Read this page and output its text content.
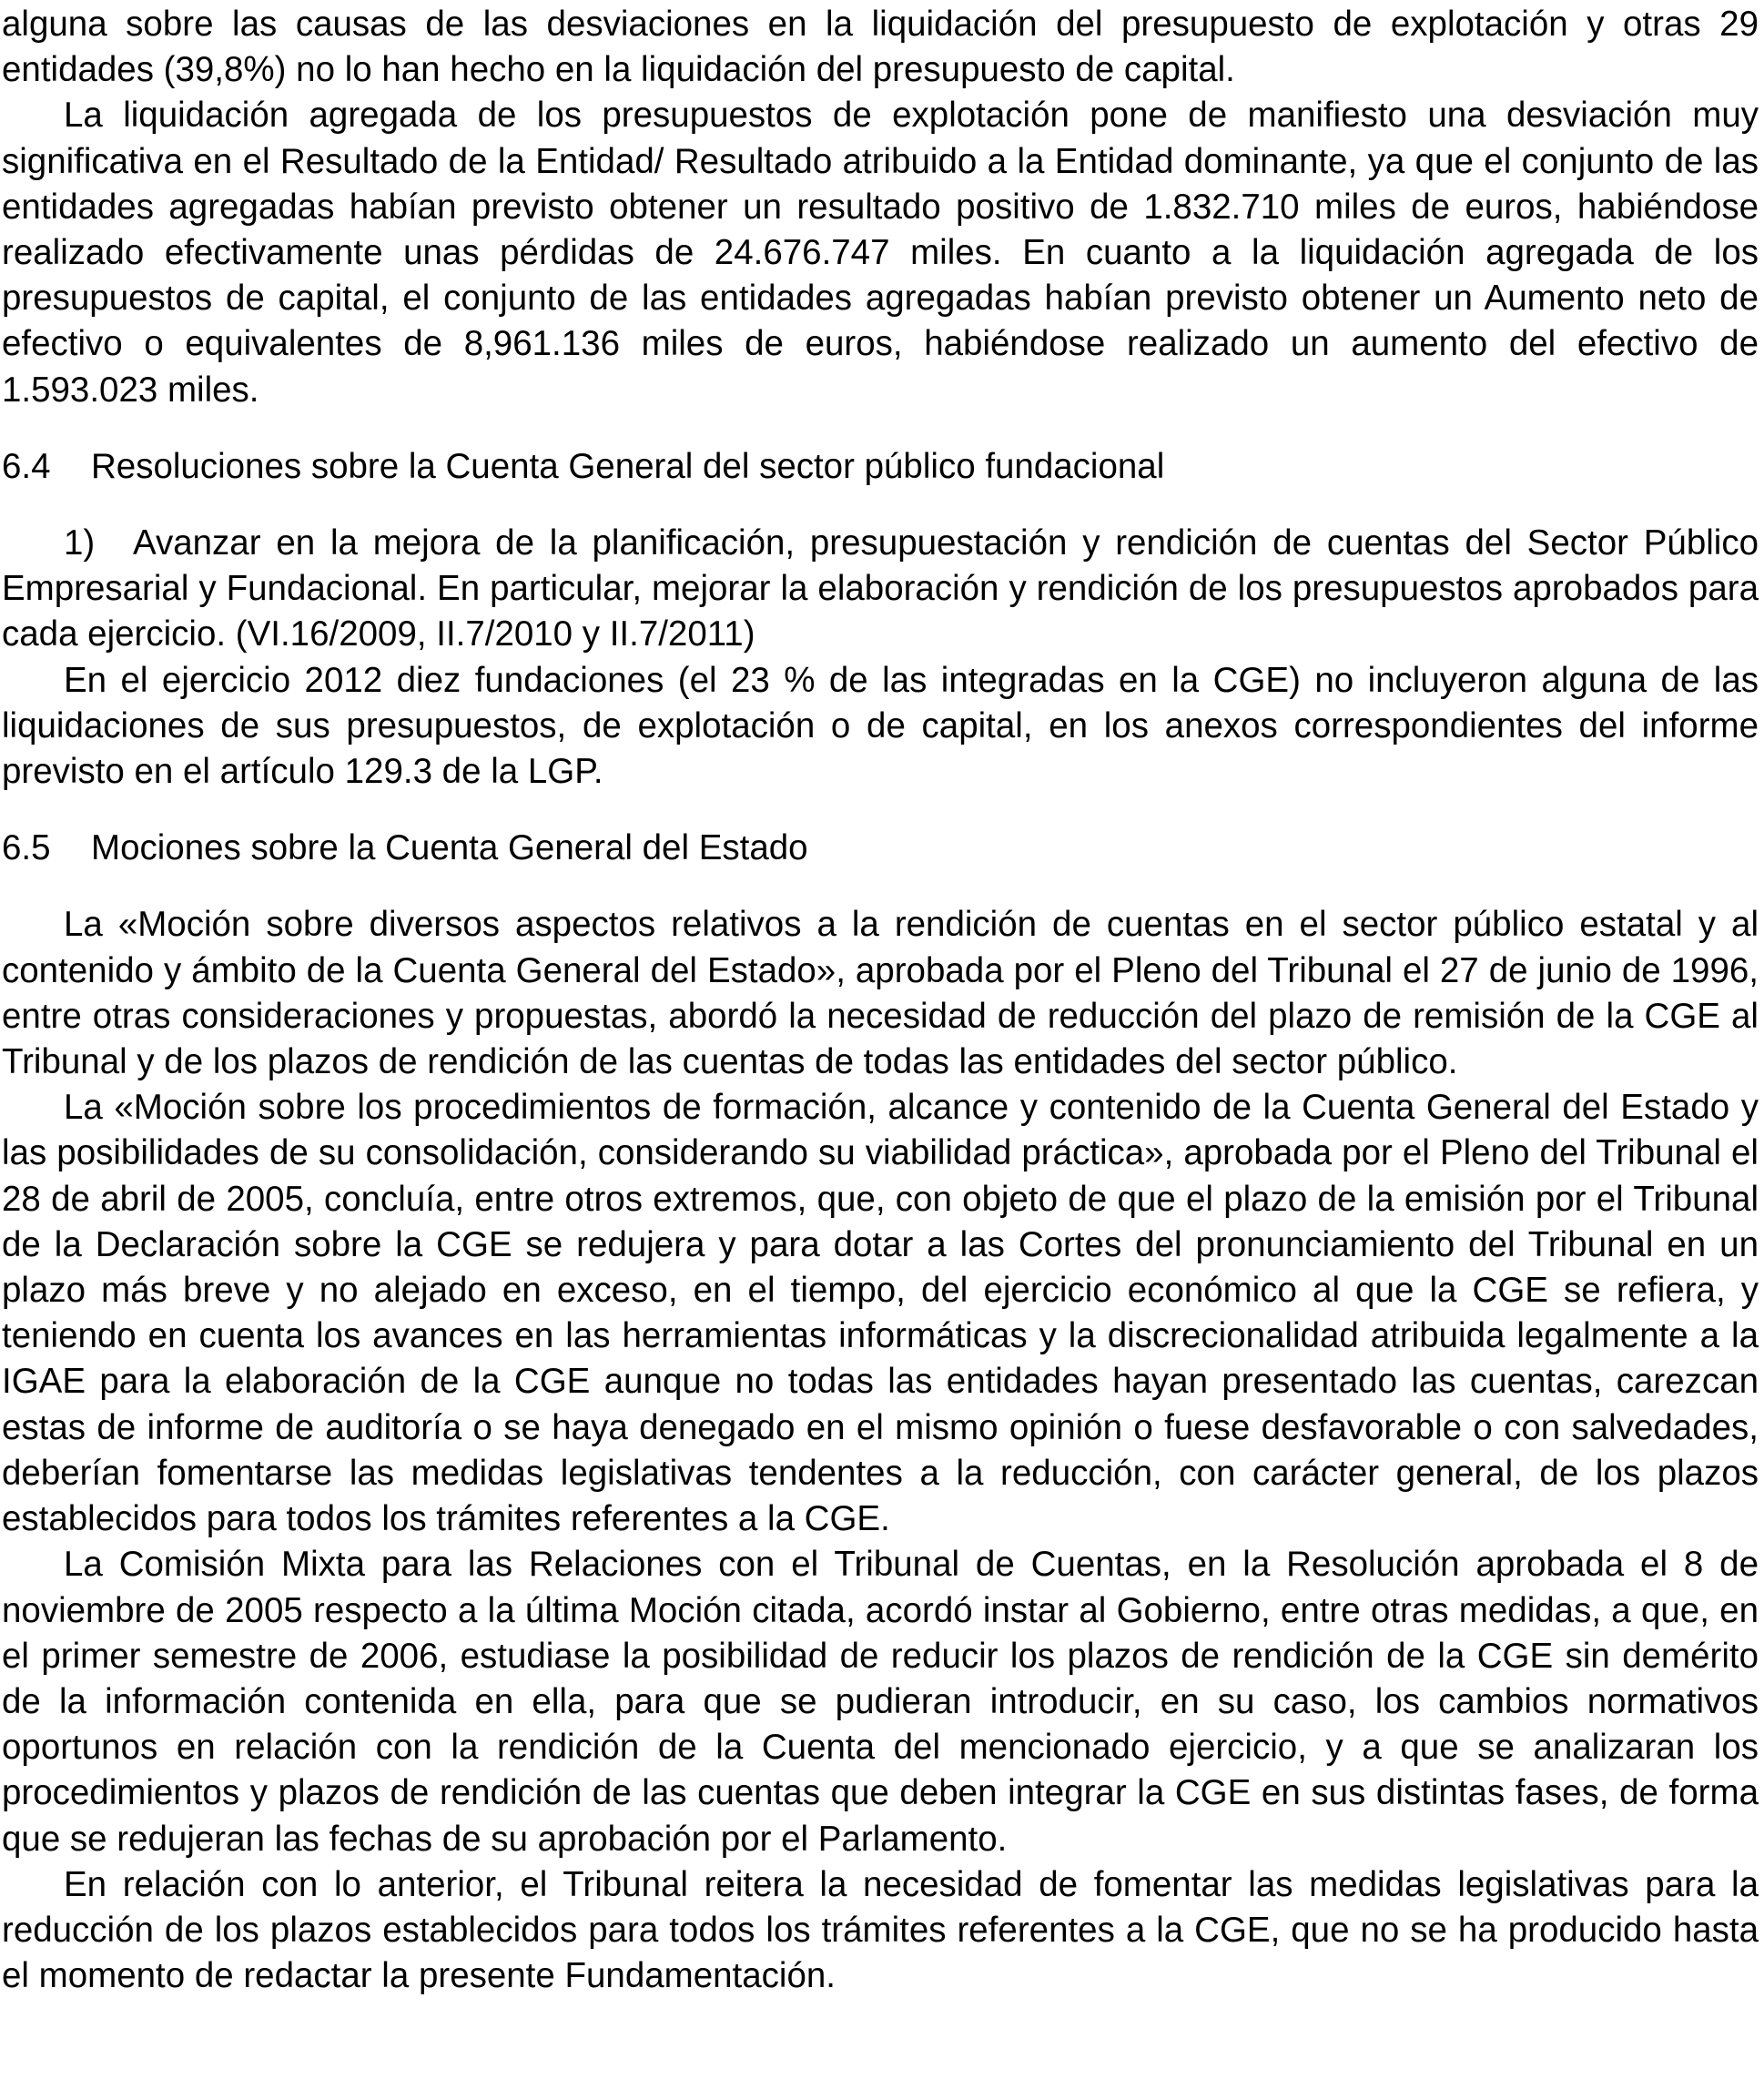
alguna sobre las causas de las desviaciones en la liquidación del presupuesto de explotación y otras 29 entidades (39,8%) no lo han hecho en la liquidación del presupuesto de capital.

La liquidación agregada de los presupuestos de explotación pone de manifiesto una desviación muy significativa en el Resultado de la Entidad/ Resultado atribuido a la Entidad dominante, ya que el conjunto de las entidades agregadas habían previsto obtener un resultado positivo de 1.832.710 miles de euros, habiéndose realizado efectivamente unas pérdidas de 24.676.747 miles. En cuanto a la liquidación agregada de los presupuestos de capital, el conjunto de las entidades agregadas habían previsto obtener un Aumento neto de efectivo o equivalentes de 8,961.136 miles de euros, habiéndose realizado un aumento del efectivo de 1.593.023 miles.

6.4 Resoluciones sobre la Cuenta General del sector público fundacional

1) Avanzar en la mejora de la planificación, presupuestación y rendición de cuentas del Sector Público Empresarial y Fundacional. En particular, mejorar la elaboración y rendición de los presupuestos aprobados para cada ejercicio. (VI.16/2009, II.7/2010 y II.7/2011)

En el ejercicio 2012 diez fundaciones (el 23 % de las integradas en la CGE) no incluyeron alguna de las liquidaciones de sus presupuestos, de explotación o de capital, en los anexos correspondientes del informe previsto en el artículo 129.3 de la LGP.

6.5 Mociones sobre la Cuenta General del Estado

La «Moción sobre diversos aspectos relativos a la rendición de cuentas en el sector público estatal y al contenido y ámbito de la Cuenta General del Estado», aprobada por el Pleno del Tribunal el 27 de junio de 1996, entre otras consideraciones y propuestas, abordó la necesidad de reducción del plazo de remisión de la CGE al Tribunal y de los plazos de rendición de las cuentas de todas las entidades del sector público.

La «Moción sobre los procedimientos de formación, alcance y contenido de la Cuenta General del Estado y las posibilidades de su consolidación, considerando su viabilidad práctica», aprobada por el Pleno del Tribunal el 28 de abril de 2005, concluía, entre otros extremos, que, con objeto de que el plazo de la emisión por el Tribunal de la Declaración sobre la CGE se redujera y para dotar a las Cortes del pronunciamiento del Tribunal en un plazo más breve y no alejado en exceso, en el tiempo, del ejercicio económico al que la CGE se refiera, y teniendo en cuenta los avances en las herramientas informáticas y la discrecionalidad atribuida legalmente a la IGAE para la elaboración de la CGE aunque no todas las entidades hayan presentado las cuentas, carezcan estas de informe de auditoría o se haya denegado en el mismo opinión o fuese desfavorable o con salvedades, deberían fomentarse las medidas legislativas tendentes a la reducción, con carácter general, de los plazos establecidos para todos los trámites referentes a la CGE.

La Comisión Mixta para las Relaciones con el Tribunal de Cuentas, en la Resolución aprobada el 8 de noviembre de 2005 respecto a la última Moción citada, acordó instar al Gobierno, entre otras medidas, a que, en el primer semestre de 2006, estudiase la posibilidad de reducir los plazos de rendición de la CGE sin demérito de la información contenida en ella, para que se pudieran introducir, en su caso, los cambios normativos oportunos en relación con la rendición de la Cuenta del mencionado ejercicio, y a que se analizaran los procedimientos y plazos de rendición de las cuentas que deben integrar la CGE en sus distintas fases, de forma que se redujeran las fechas de su aprobación por el Parlamento.

En relación con lo anterior, el Tribunal reitera la necesidad de fomentar las medidas legislativas para la reducción de los plazos establecidos para todos los trámites referentes a la CGE, que no se ha producido hasta el momento de redactar la presente Fundamentación.
